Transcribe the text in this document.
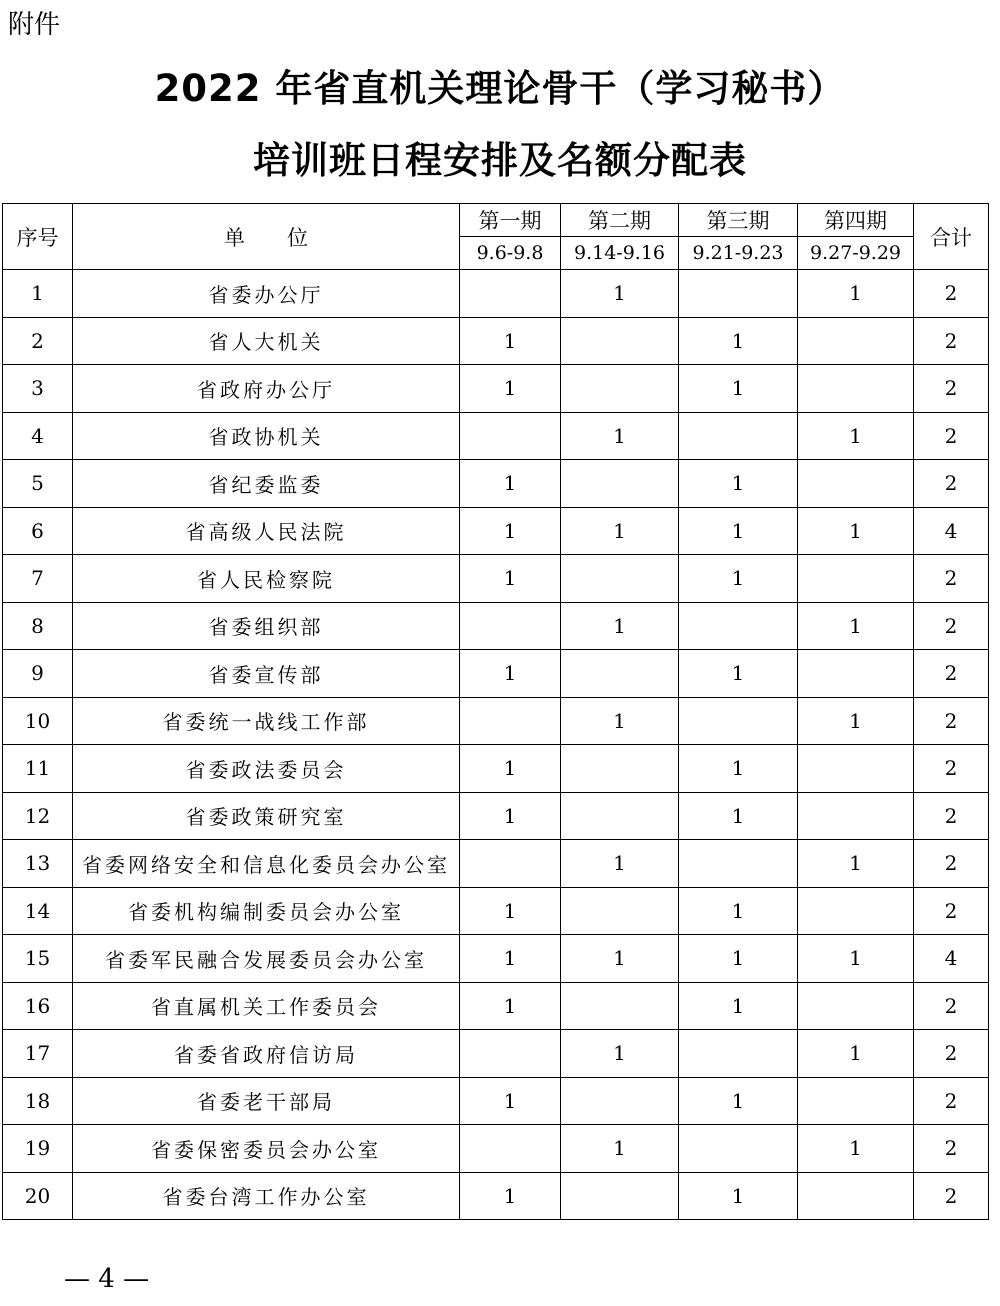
附件
2022 年省直机关理论骨干（学习秘书）
培训班日程安排及名额分配表
序号	单　　位	第一期	第二期	第三期	第四期	合计
		9.6-9.8	9.14-9.16	9.21-9.23	9.27-9.29	
1	省委办公厅		1		1	2
2	省人大机关	1		1		2
3	省政府办公厅	1		1		2
4	省政协机关		1		1	2
5	省纪委监委	1		1		2
6	省高级人民法院	1	1	1	1	4
7	省人民检察院	1		1		2
8	省委组织部		1		1	2
9	省委宣传部	1		1		2
10	省委统一战线工作部		1		1	2
11	省委政法委员会	1		1		2
12	省委政策研究室	1		1		2
13	省委网络安全和信息化委员会办公室		1		1	2
14	省委机构编制委员会办公室	1		1		2
15	省委军民融合发展委员会办公室	1	1	1	1	4
16	省直属机关工作委员会	1		1		2
17	省委省政府信访局		1		1	2
18	省委老干部局	1		1		2
19	省委保密委员会办公室		1		1	2
20	省委台湾工作办公室	1		1		2
— 4 —
